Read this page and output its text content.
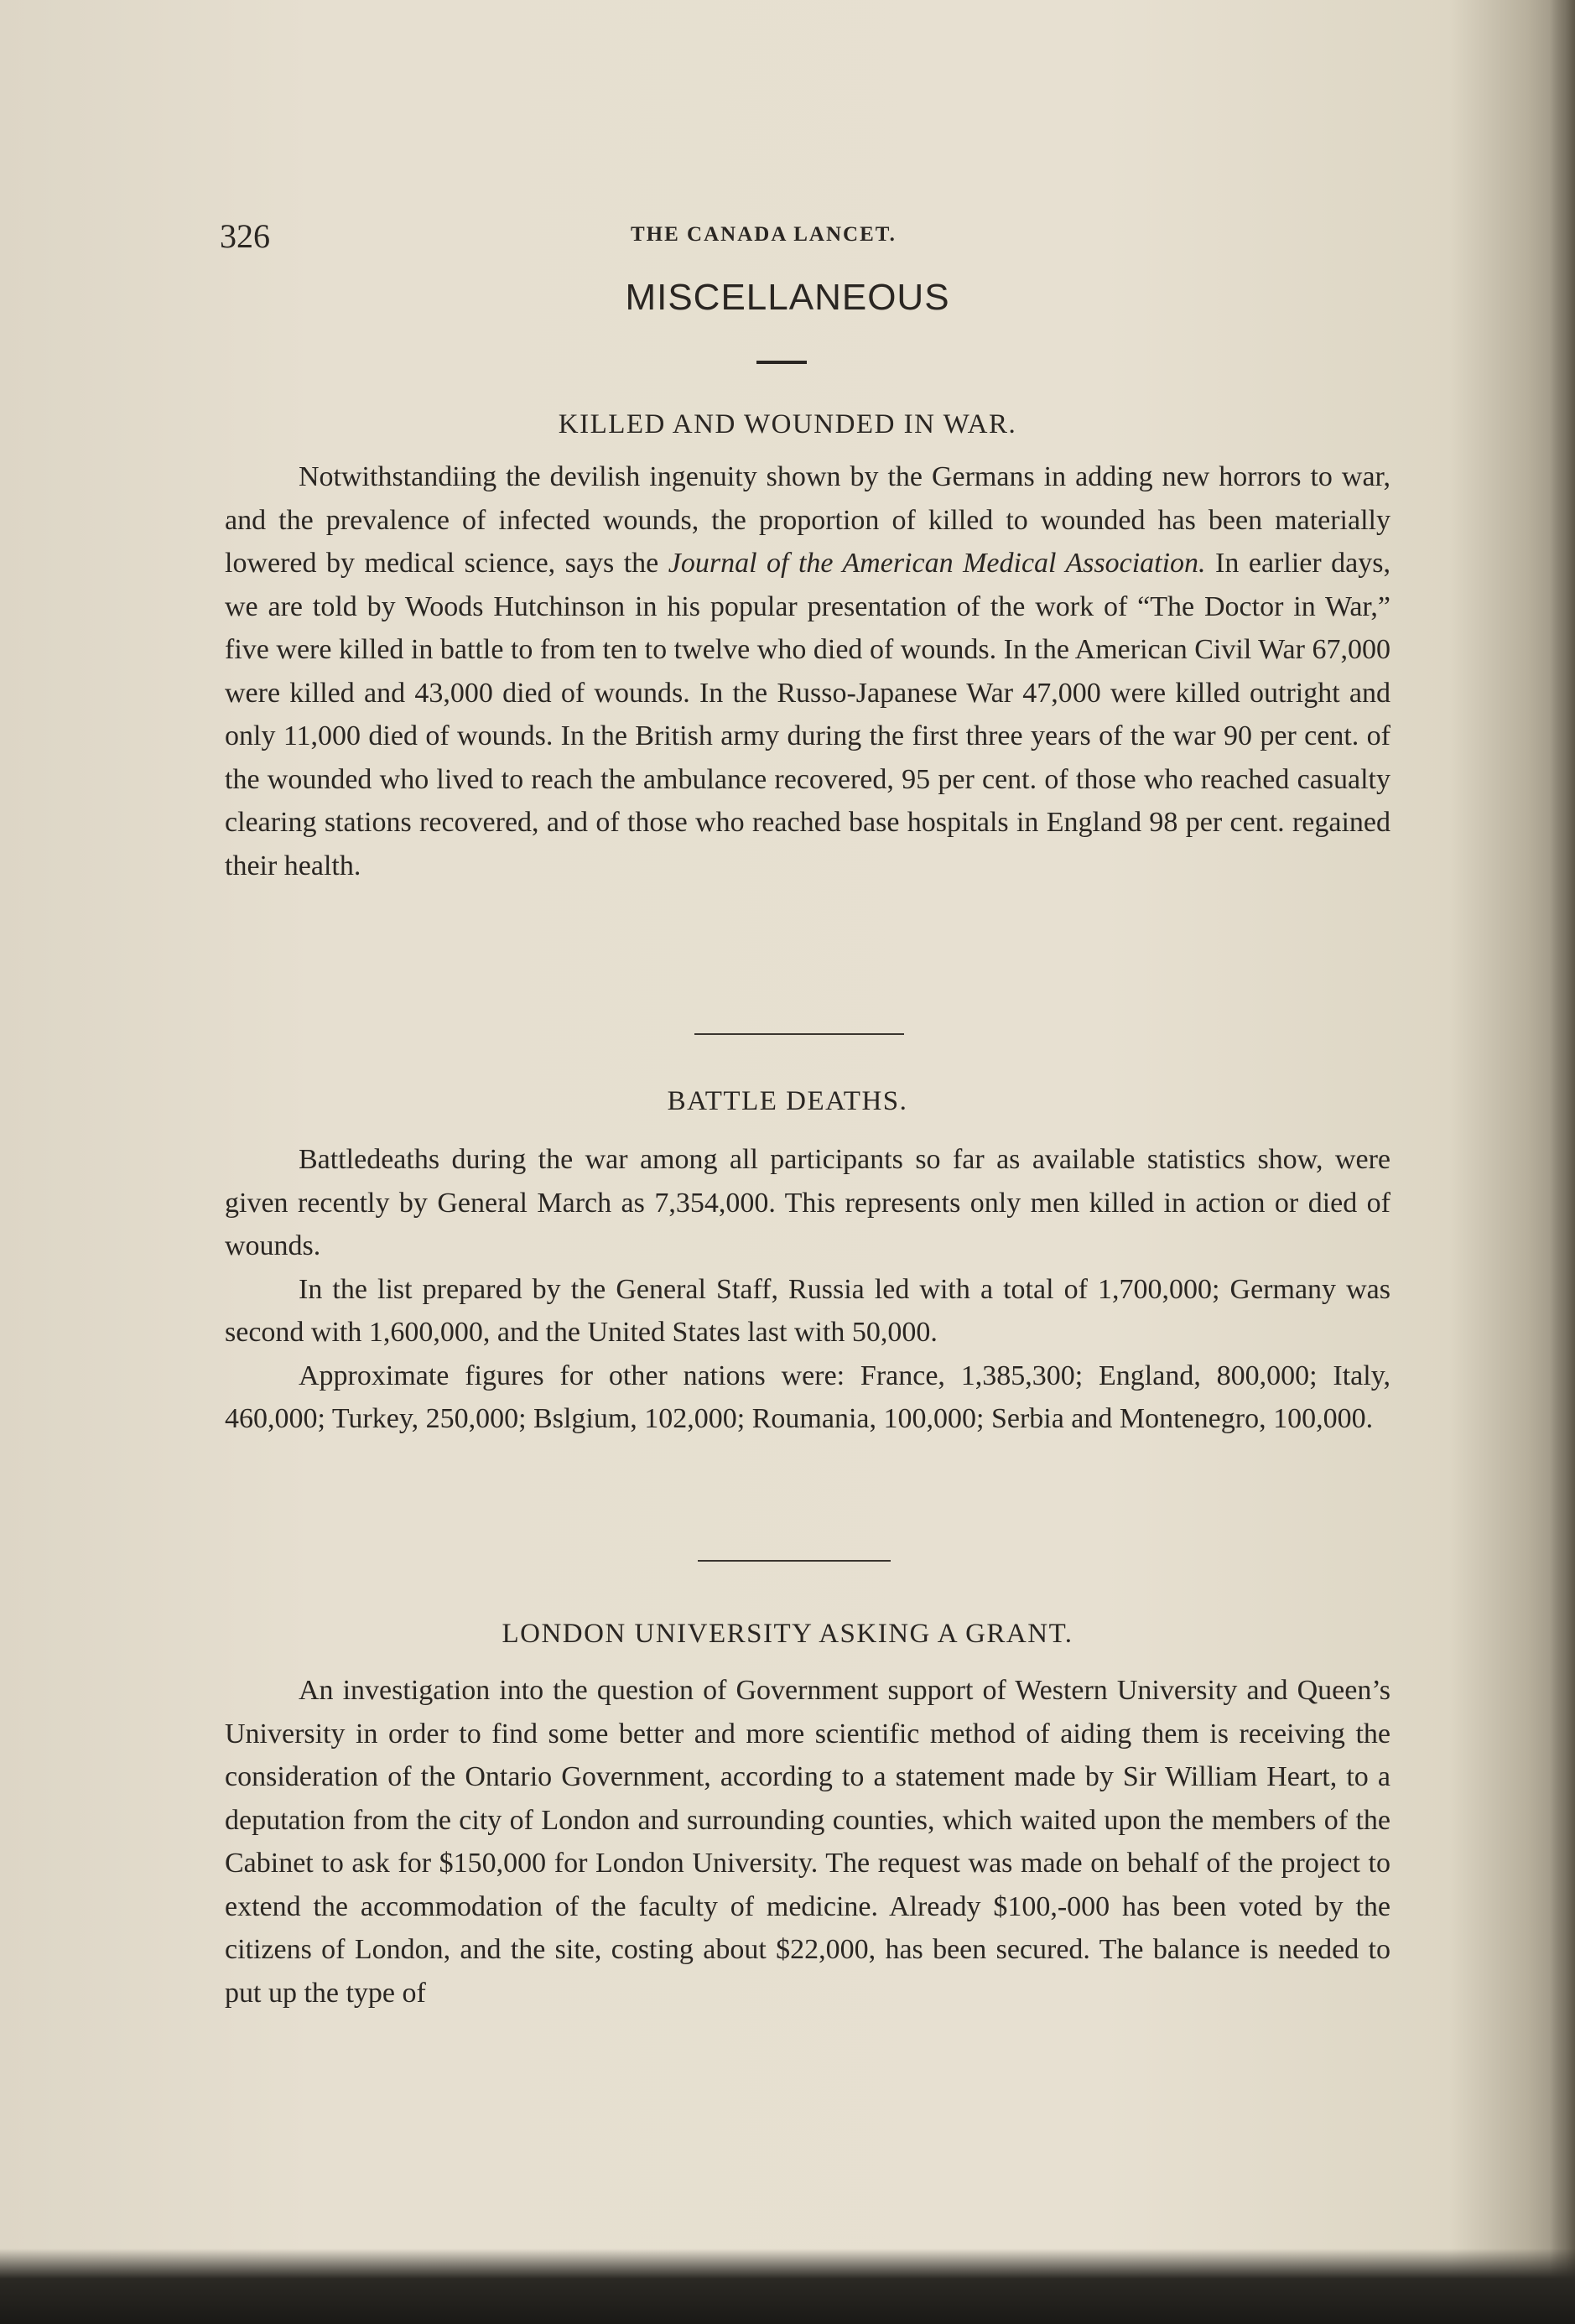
326	THE CANADA LANCET.
MISCELLANEOUS
KILLED AND WOUNDED IN WAR.

Notwithstandiing the devilish ingenuity shown by the Germans in adding new horrors to war, and the prevalence of infected wounds, the proportion of killed to wounded has been materially lowered by medical science, says the Journal of the American Medical Association. In earlier days, we are told by Woods Hutchinson in his popular presentation of the work of “The Doctor in War,” five were killed in battle to from ten to twelve who died of wounds. In the American Civil War 67,000 were killed and 43,000 died of wounds. In the Russo-Japanese War 47,000 were killed outright and only 11,000 died of wounds. In the British army during the first three years of the war 90 per cent. of the wounded who lived to reach the ambulance recovered, 95 per cent. of those who reached casualty clearing stations recovered, and of those who reached base hospitals in England 98 per cent. regained their health.

BATTLE DEATHS.

Battledeaths during the war among all participants so far as available statistics show, were given recently by General March as 7,354,000. This represents only men killed in action or died of wounds.

In the list prepared by the General Staff, Russia led with a total of 1,700,000; Germany was second with 1,600,000, and the United States last with 50,000.

Approximate figures for other nations were: France, 1,385,300; England, 800,000; Italy, 460,000; Turkey, 250,000; Bslgium, 102,000; Roumania, 100,000; Serbia and Montenegro, 100,000.

LONDON UNIVERSITY ASKING A GRANT.

An investigation into the question of Government support of Western University and Queen’s University in order to find some better and more scientific method of aiding them is receiving the consideration of the Ontario Government, according to a statement made by Sir William Heart, to a deputation from the city of London and surrounding counties, which waited upon the members of the Cabinet to ask for $150,000 for London University. The request was made on behalf of the project to extend the accommodation of the faculty of medicine. Already $100,-000 has been voted by the citizens of London, and the site, costing about $22,000, has been secured. The balance is needed to put up the type of
